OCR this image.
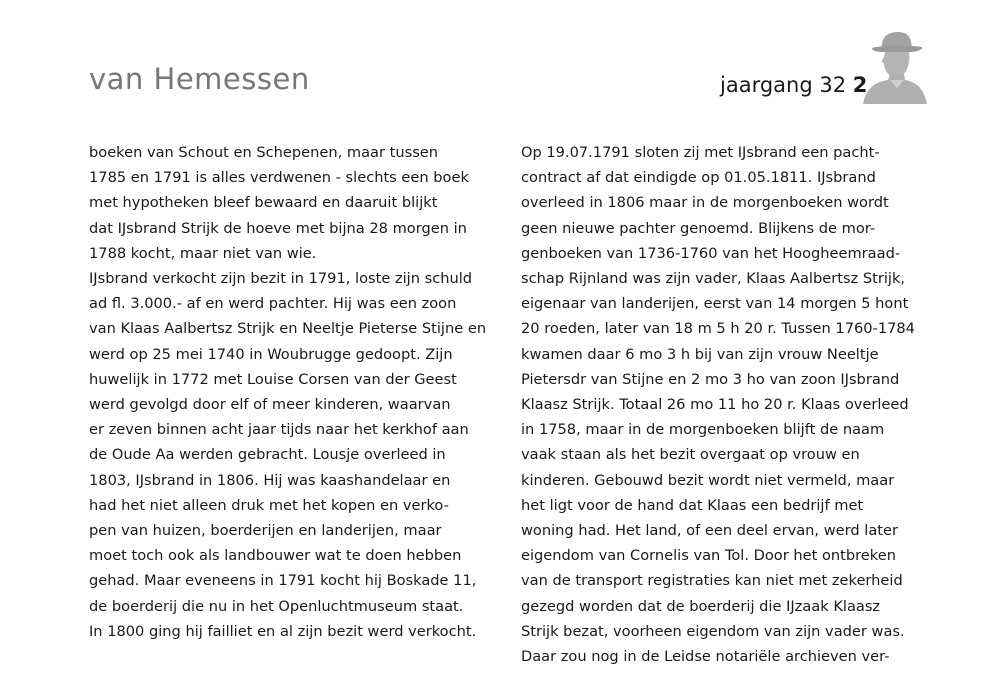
van Hemessen	jaargang 32 2
boeken van Schout en Schepenen, maar tussen
1785 en 1791 is alles verdwenen - slechts een boek
met hypotheken bleef bewaard en daaruit blijkt
dat IJsbrand Strijk de hoeve met bijna 28 morgen in
1788 kocht, maar niet van wie.
IJsbrand verkocht zijn bezit in 1791, loste zijn schuld
ad fl. 3.000.- af en werd pachter. Hij was een zoon
van Klaas Aalbertsz Strijk en Neeltje Pieterse Stijne en
werd op 25 mei 1740 in Woubrugge gedoopt. Zijn
huwelijk in 1772 met Louise Corsen van der Geest
werd gevolgd door elf of meer kinderen, waarvan
er zeven binnen acht jaar tijds naar het kerkhof aan
de Oude Aa werden gebracht. Lousje overleed in
1803, IJsbrand in 1806. Hij was kaashandelaar en
had het niet alleen druk met het kopen en verko-
pen van huizen, boerderijen en landerijen, maar
moet toch ook als landbouwer wat te doen hebben
gehad. Maar eveneens in 1791 kocht hij Boskade 11,
de boerderij die nu in het Openluchtmuseum staat.
In 1800 ging hij failliet en al zijn bezit werd verkocht.
Op 19.07.1791 sloten zij met IJsbrand een pacht-
contract af dat eindigde op 01.05.1811. IJsbrand
overleed in 1806 maar in de morgenboeken wordt
geen nieuwe pachter genoemd. Blijkens de mor-
genboeken van 1736-1760 van het Hoogheemraad-
schap Rijnland was zijn vader, Klaas Aalbertsz Strijk,
eigenaar van landerijen, eerst van 14 morgen 5 hont
20 roeden, later van 18 m 5 h 20 r. Tussen 1760-1784
kwamen daar 6 mo 3 h bij van zijn vrouw Neeltje
Pietersdr van Stijne en 2 mo 3 ho van zoon IJsbrand
Klaasz Strijk. Totaal 26 mo 11 ho 20 r. Klaas overleed
in 1758, maar in de morgenboeken blijft de naam
vaak staan als het bezit overgaat op vrouw en
kinderen. Gebouwd bezit wordt niet vermeld, maar
het ligt voor de hand dat Klaas een bedrijf met
woning had. Het land, of een deel ervan, werd later
eigendom van Cornelis van Tol. Door het ontbreken
van de transport registraties kan niet met zekerheid
gezegd worden dat de boerderij die IJzaak Klaasz
Strijk bezat, voorheen eigendom van zijn vader was.
Daar zou nog in de Leidse notariële archieven ver-
